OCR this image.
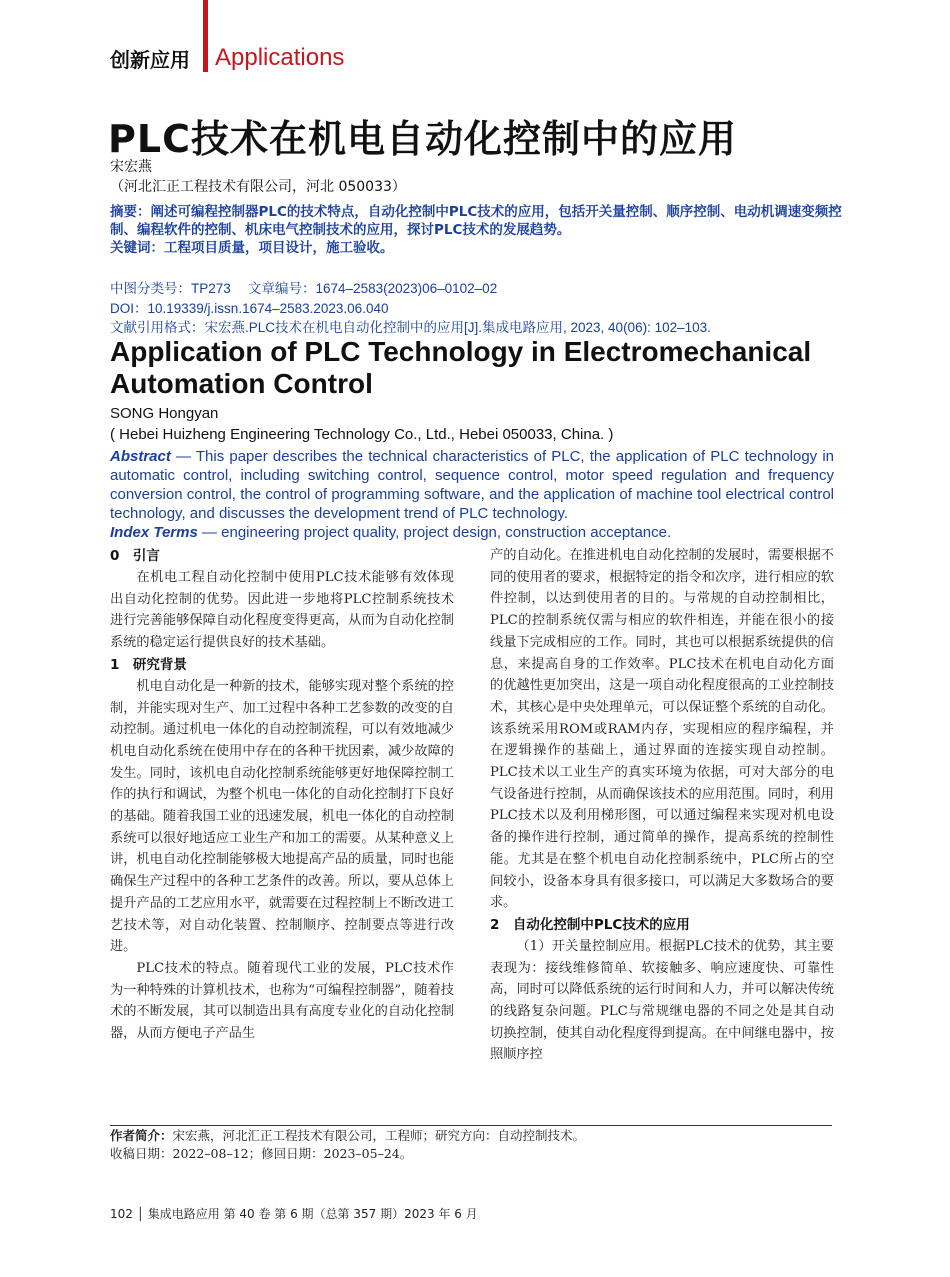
创新应用 Applications
PLC技术在机电自动化控制中的应用
宋宏燕
（河北汇正工程技术有限公司，河北 050033）
摘要：阐述可编程控制器PLC的技术特点，自动化控制中PLC技术的应用，包括开关量控制、顺序控制、电动机调速变频控制、编程软件的控制、机床电气控制技术的应用，探讨PLC技术的发展趋势。
关键词：工程项目质量，项目设计，施工验收。
中图分类号：TP273　 文章编号：1674–2583(2023)06–0102–02
DOI：10.19339/j.issn.1674–2583.2023.06.040
文献引用格式：宋宏燕.PLC技术在机电自动化控制中的应用[J].集成电路应用, 2023, 40(06): 102–103.
Application of PLC Technology in Electromechanical Automation Control
SONG Hongyan
( Hebei Huizheng Engineering Technology Co., Ltd., Hebei 050033, China. )
Abstract — This paper describes the technical characteristics of PLC, the application of PLC technology in automatic control, including switching control, sequence control, motor speed regulation and frequency conversion control, the control of programming software, and the application of machine tool electrical control technology, and discusses the development trend of PLC technology.
Index Terms — engineering project quality, project design, construction acceptance.
0　引言

在机电工程自动化控制中使用PLC技术能够有效体现出自动化控制的优势。因此进一步地将PLC控制系统技术进行完善能够保障自动化程度变得更高，从而为自动化控制系统的稳定运行提供良好的技术基础。

1　研究背景

机电自动化是一种新的技术，能够实现对整个系统的控制，并能实现对生产、加工过程中各种工艺参数的改变的自动控制。通过机电一体化的自动控制流程，可以有效地减少机电自动化系统在使用中存在的各种干扰因素，减少故障的发生。同时，该机电自动化控制系统能够更好地保障控制工作的执行和调试，为整个机电一体化的自动化控制打下良好的基础。随着我国工业的迅速发展，机电一体化的自动控制系统可以很好地适应工业生产和加工的需要。从某种意义上讲，机电自动化控制能够极大地提高产品的质量，同时也能确保生产过程中的各种工艺条件的改善。所以，要从总体上提升产品的工艺应用水平，就需要在过程控制上不断改进工艺技术等，对自动化装置、控制顺序、控制要点等进行改进。

PLC技术的特点。随着现代工业的发展，PLC技术作为一种特殊的计算机技术，也称为“可编程控制器”，随着技术的不断发展，其可以制造出具有高度专业化的自动化控制器，从而方便电子产品生

产的自动化。在推进机电自动化控制的发展时，需要根据不同的使用者的要求，根据特定的指令和次序，进行相应的软件控制，以达到使用者的目的。与常规的自动控制相比，PLC的控制系统仅需与相应的软件相连，并能在很小的接线量下完成相应的工作。同时，其也可以根据系统提供的信息，来提高自身的工作效率。PLC技术在机电自动化方面的优越性更加突出，这是一项自动化程度很高的工业控制技术，其核心是中央处理单元，可以保证整个系统的自动化。该系统采用ROM或RAM内存，实现相应的程序编程，并在逻辑操作的基础上，通过界面的连接实现自动控制。PLC技术以工业生产的真实环境为依据，可对大部分的电气设备进行控制，从而确保该技术的应用范围。同时，利用PLC技术以及利用梯形图，可以通过编程来实现对机电设备的操作进行控制，通过简单的操作，提高系统的控制性能。尤其是在整个机电自动化控制系统中，PLC所占的空间较小，设备本身具有很多接口，可以满足大多数场合的要求。

2　自动化控制中PLC技术的应用

（1）开关量控制应用。根据PLC技术的优势，其主要表现为：接线维修简单、软接触多、响应速度快、可靠性高，同时可以降低系统的运行时间和人力，并可以解决传统的线路复杂问题。PLC与常规继电器的不同之处是其自动切换控制，使其自动化程度得到提高。在中间继电器中，按照顺序控

作者简介：宋宏燕，河北汇正工程技术有限公司，工程师；研究方向：自动控制技术。
收稿日期：2022–08–12；修回日期：2023–05–24。
102 │ 集成电路应用 第 40 卷 第 6 期（总第 357 期）2023 年 6 月
